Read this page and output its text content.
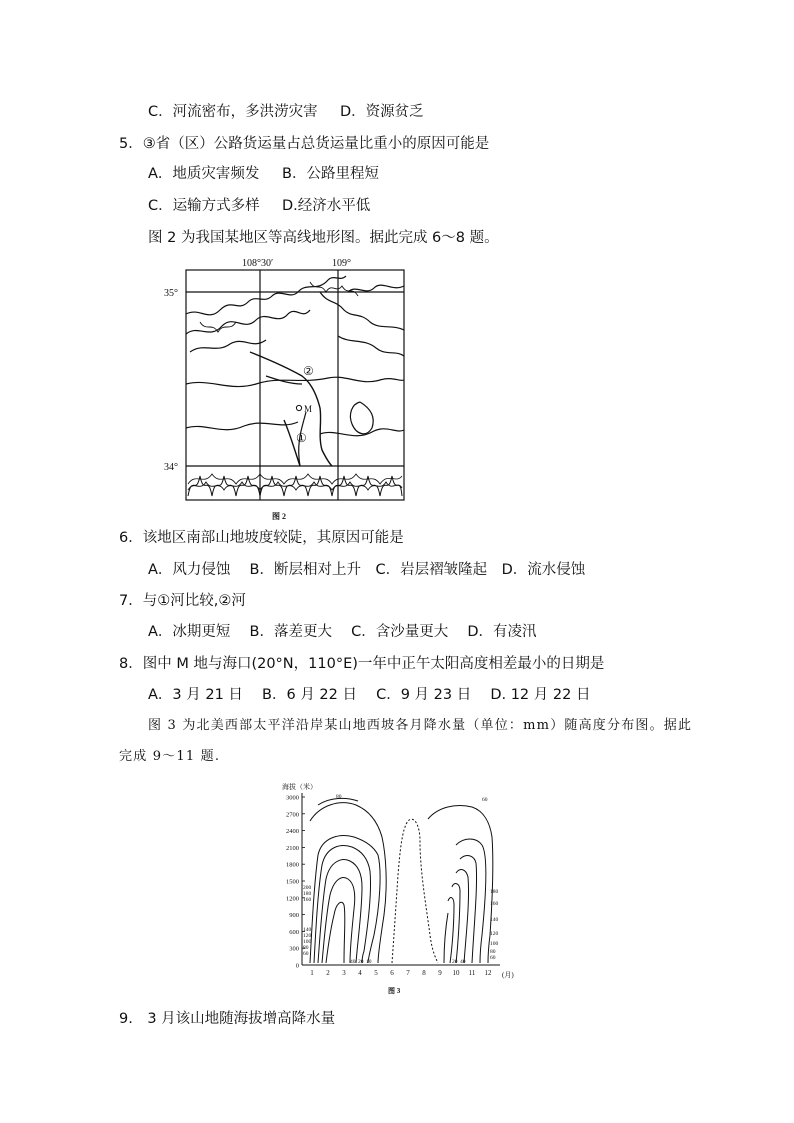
C．河流密布，多洪涝灾害 D．资源贫乏
5．③省（区）公路货运量占总货运量比重小的原因可能是
A．地质灾害频发 B．公路里程短
C．运输方式多样 D.经济水平低
图 2 为我国某地区等高线地形图。据此完成 6～8 题。
108°30′	109°
35°
34°
②
①
M
图 2
6．该地区南部山地坡度较陡，其原因可能是
A．风力侵蚀　 B．断层相对上升　C．岩层褶皱隆起　D．流水侵蚀
7．与①河比较,②河
A．冰期更短　 B．落差更大　 C．含沙量更大　 D．有凌汛
8．图中 M 地与海口(20°N，110°E)一年中正午太阳高度相差最小的日期是
A．3 月 21 日　 B．6 月 22 日　 C．9 月 23 日　 D. 12 月 22 日
图 3 为北美西部太平洋沿岸某山地西坡各月降水量（单位：mm）随高度分布图。据此
完成 9～11 题.
海拔（米）
3000
2700
2400
2100
1800
1500
1200
900
600
300
0
1 2 3 4 5 6 7 8 9 10 11 12 (月)
200
180
160
140
120
100
80
60
180
160
140
120
100
80
60
80	60
40 20 10	20 40
图 3
9.　3 月该山地随海拔增高降水量
